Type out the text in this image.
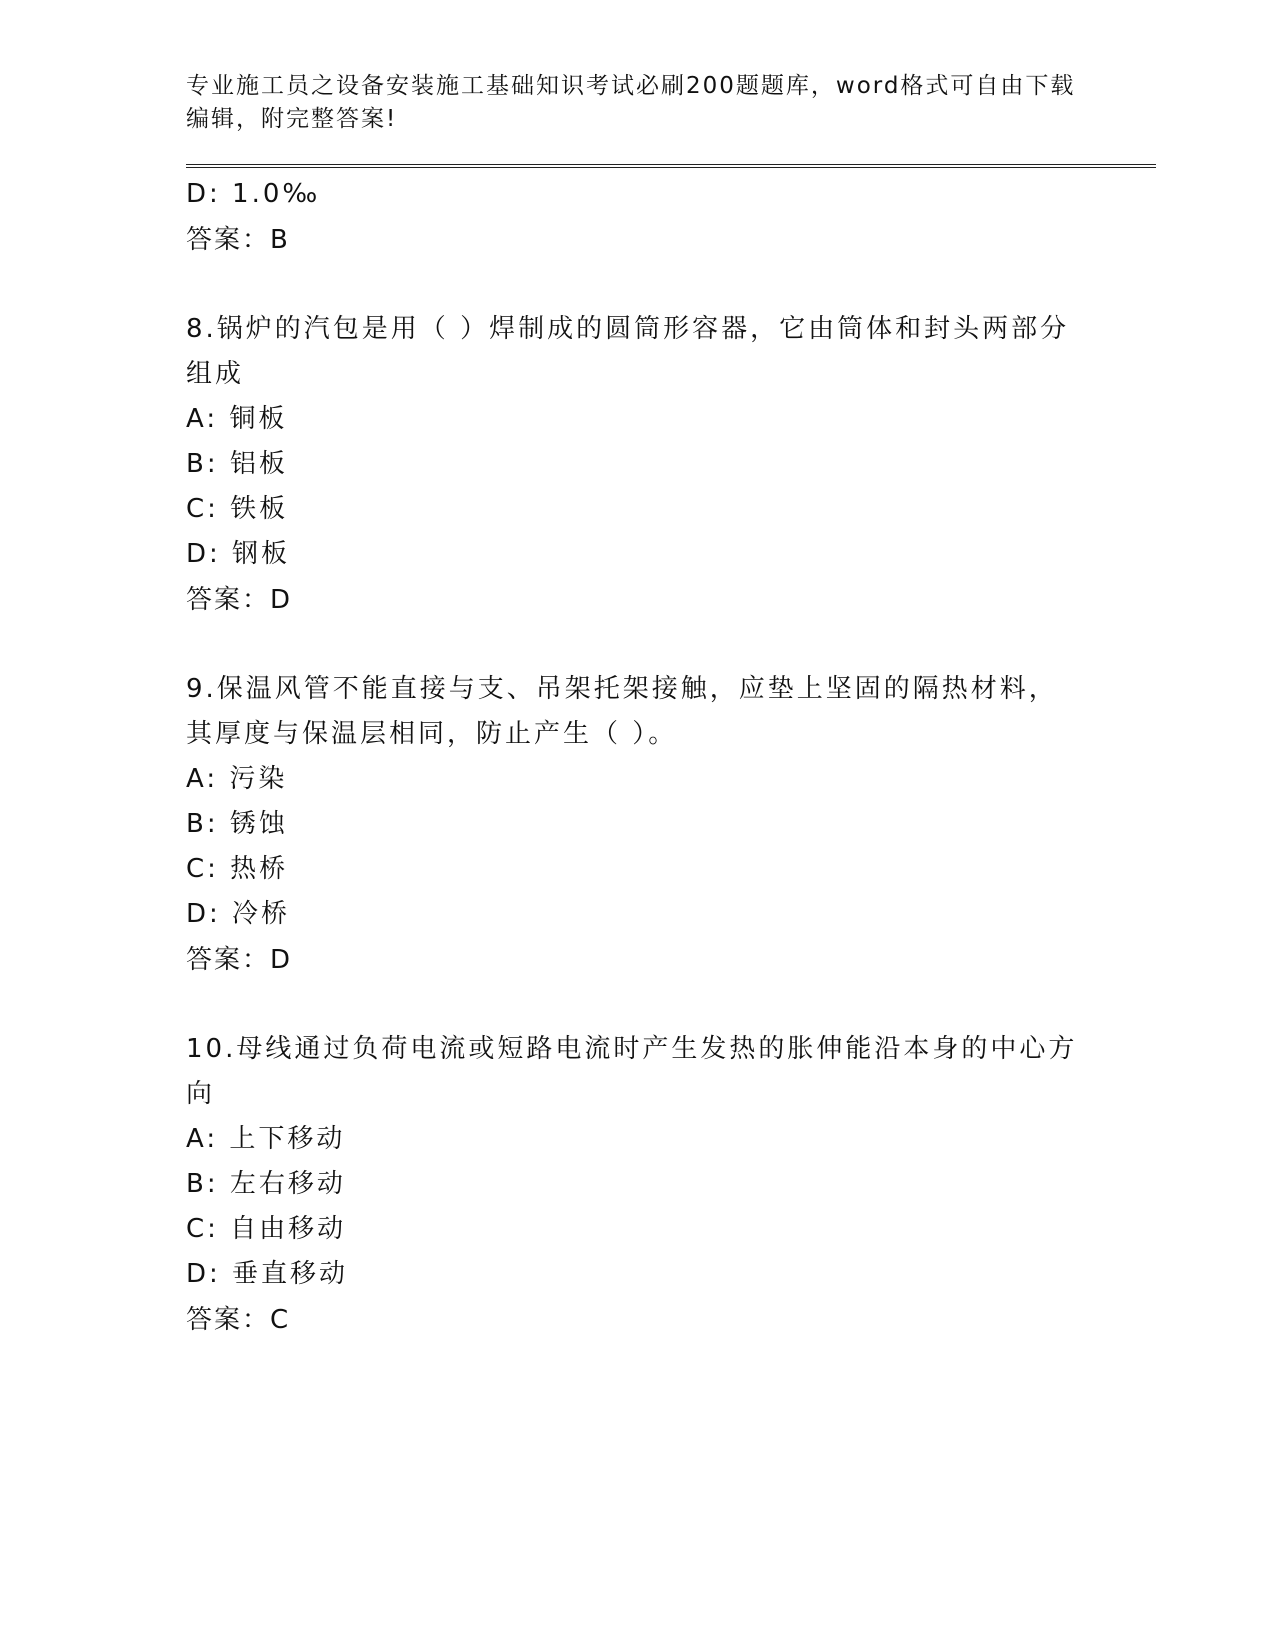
专业施工员之设备安装施工基础知识考试必刷200题题库，word格式可自由下载

编辑，附完整答案!

D: 1.0‰

答案：B

8.锅炉的汽包是用（ ）焊制成的圆筒形容器，它由筒体和封头两部分

组成

A: 铜板

B: 铝板

C: 铁板

D: 钢板

答案：D

9.保温风管不能直接与支、吊架托架接触，应垫上坚固的隔热材料，

其厚度与保温层相同，防止产生（ ）。

A: 污染

B: 锈蚀

C: 热桥

D: 冷桥

答案：D

10.母线通过负荷电流或短路电流时产生发热的胀伸能沿本身的中心方

向

A: 上下移动

B: 左右移动

C: 自由移动

D: 垂直移动

答案：C
